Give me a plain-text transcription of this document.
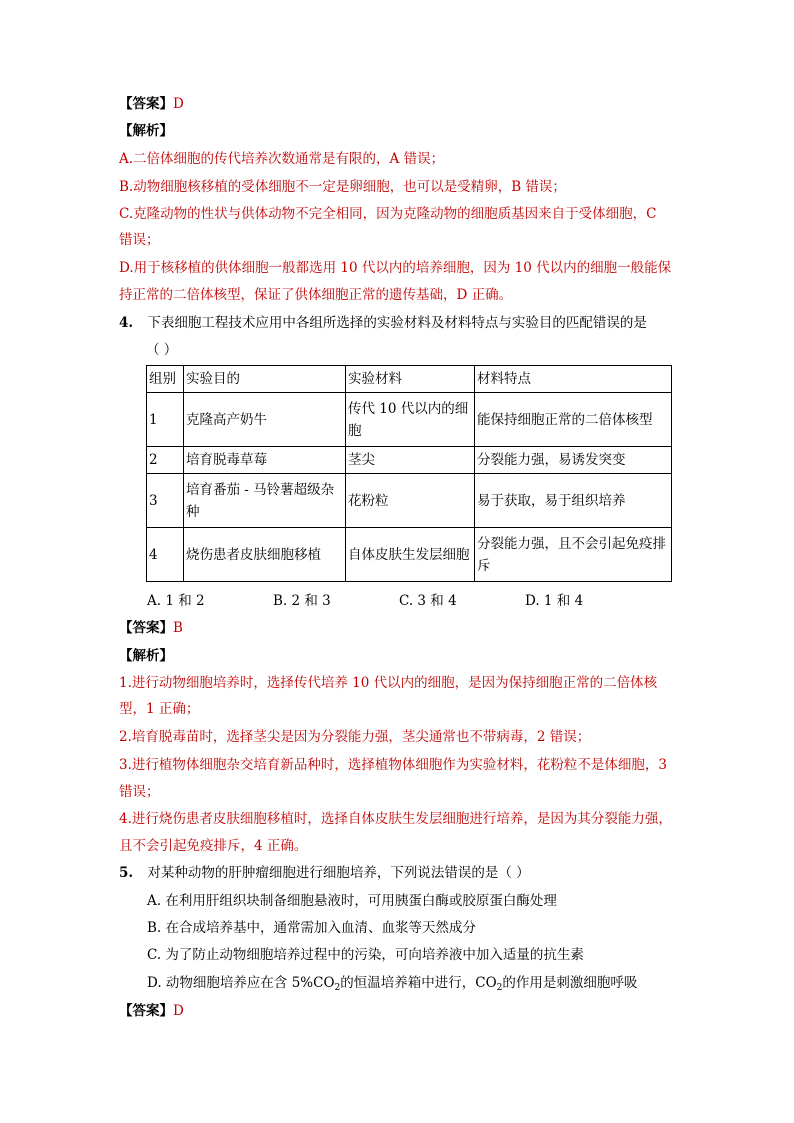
【答案】D
【解析】
A.二倍体细胞的传代培养次数通常是有限的，A 错误；
B.动物细胞核移植的受体细胞不一定是卵细胞，也可以是受精卵，B 错误；
C.克隆动物的性状与供体动物不完全相同，因为克隆动物的细胞质基因来自于受体细胞，C
错误；
D.用于核移植的供体细胞一般都选用 10 代以内的培养细胞，因为 10 代以内的细胞一般能保
持正常的二倍体核型，保证了供体细胞正常的遗传基础，D 正确。
4. 下表细胞工程技术应用中各组所选择的实验材料及材料特点与实验目的匹配错误的是
（ ）
组别	实验目的	实验材料	材料特点
1	克隆高产奶牛	传代 10 代以内的细胞	能保持细胞正常的二倍体核型
2	培育脱毒草莓	茎尖	分裂能力强，易诱发突变
3	培育番茄 - 马铃薯超级杂种	花粉粒	易于获取，易于组织培养
4	烧伤患者皮肤细胞移植	自体皮肤生发层细胞	分裂能力强，且不会引起免疫排斥
A. 1 和 2	B. 2 和 3	C. 3 和 4	D. 1 和 4
【答案】B
【解析】
1.进行动物细胞培养时，选择传代培养 10 代以内的细胞，是因为保持细胞正常的二倍体核
型，1 正确；
2.培育脱毒苗时，选择茎尖是因为分裂能力强，茎尖通常也不带病毒，2 错误；
3.进行植物体细胞杂交培育新品种时，选择植物体细胞作为实验材料，花粉粒不是体细胞，3
错误；
4.进行烧伤患者皮肤细胞移植时，选择自体皮肤生发层细胞进行培养，是因为其分裂能力强，
且不会引起免疫排斥，4 正确。
5. 对某种动物的肝肿瘤细胞进行细胞培养，下列说法错误的是（ ）
A. 在利用肝组织块制备细胞悬液时，可用胰蛋白酶或胶原蛋白酶处理
B. 在合成培养基中，通常需加入血清、血浆等天然成分
C. 为了防止动物细胞培养过程中的污染，可向培养液中加入适量的抗生素
D. 动物细胞培养应在含 $5\%CO_2$的恒温培养箱中进行，$CO_2$的作用是刺激细胞呼吸
【答案】D
